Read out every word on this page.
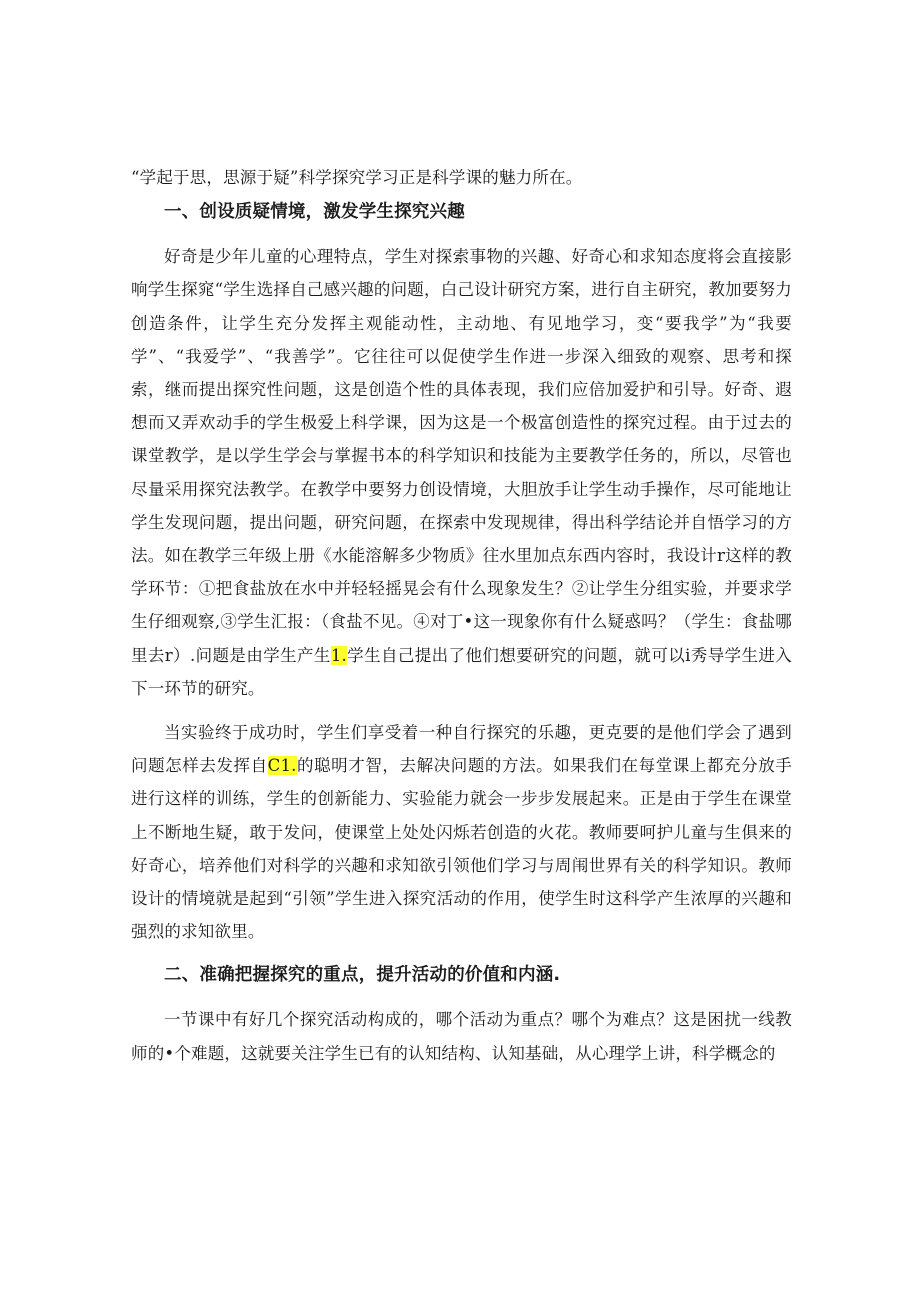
“学起于思，思源于疑”科学探究学习正是科学课的魅力所在。

一、创设质疑情境，激发学生探究兴趣

好奇是少年儿童的心理特点，学生对探索事物的兴趣、好奇心和求知态度将会直接影响学生探窕“学生选择自己感兴趣的问题，白己设计研究方案，进行自主研究，教加要努力创造条件，让学生充分发挥主观能动性，主动地、有见地学习，变“要我学”为“我要学”、“我爱学”、“我善学”。它往往可以促使学生作进一步深入细致的观察、思考和探索，继而提出探究性问题，这是创造个性的具体表现，我们应倍加爱护和引导。好奇、遐想而又弄欢动手的学生极爱上科学课，因为这是一个极富创造性的探究过程。由于过去的课堂教学，是以学生学会与掌握书本的科学知识和技能为主要教学任务的，所以，尽管也尽量采用探究法教学。在教学中要努力创设情境，大胆放手让学生动手操作，尽可能地让学生发现问题，提出问题，研究问题，在探索中发现规律，得出科学结论并自悟学习的方法。如在教学三年级上册《水能溶解多少物质》往水里加点东西内容时，我设计r这样的教学环节：①把食盐放在水中并轻轻摇晃会有什么现象发生？②让学生分组实验，并要求学生仔细观察,③学生汇报：（食盐不见。④对丁•这一现象你有什么疑惑吗？（学生：食盐哪里去r）.问题是由学生产生1.学生自己提出了他们想要研究的问题，就可以i秀导学生进入下一环节的研究。

当实验终于成功时，学生们享受着一种自行探究的乐趣，更克要的是他们学会了遇到问题怎样去发挥自C1.的聪明才智，去解决问题的方法。如果我们在每堂课上都充分放手进行这样的训练，学生的创新能力、实验能力就会一步步发展起来。正是由于学生在课堂上不断地生疑，敢于发问，使课堂上处处闪烁若创造的火花。教师要呵护儿童与生俱来的好奇心，培养他们对科学的兴趣和求知欲引领他们学习与周闱世界有关的科学知识。教师设计的情境就是起到“引领”学生进入探究活动的作用，使学生时这科学产生浓厚的兴趣和强烈的求知欲里。

二、准确把握探究的重点，提升活动的价值和内涵.

一节课中有好几个探究活动构成的，哪个活动为重点？哪个为难点？这是困扰一线教师的•个难题，这就要关注学生已有的认知结构、认知基础，从心理学上讲，科学概念的
